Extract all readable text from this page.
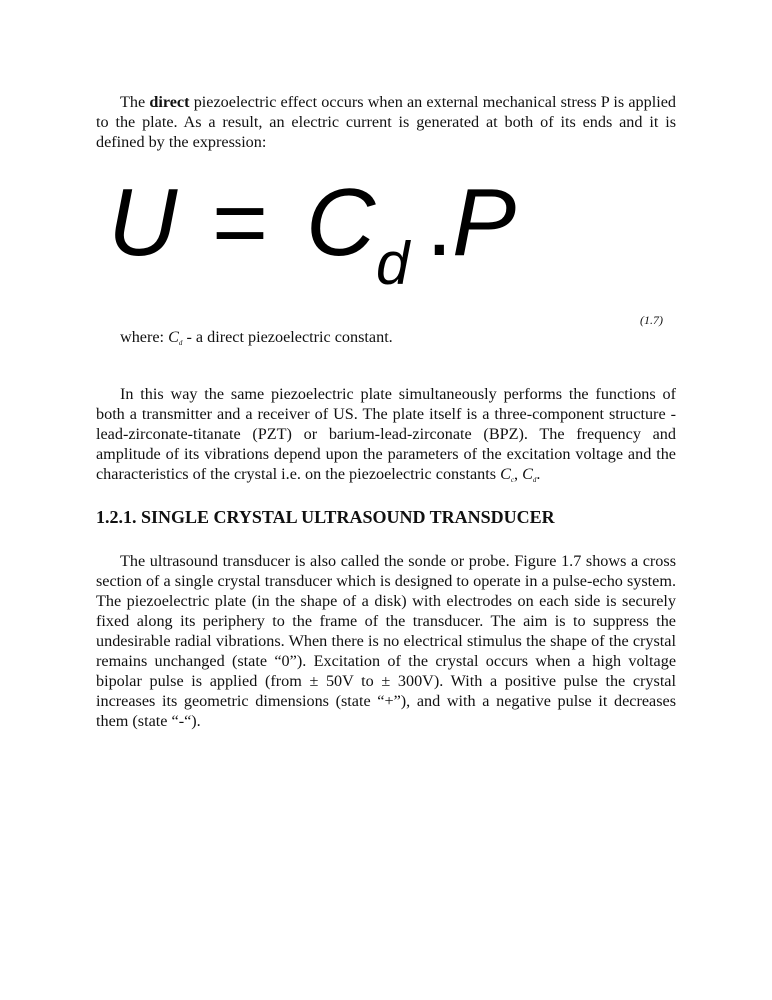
The direct piezoelectric effect occurs when an external mechanical stress P is applied to the plate. As a result, an electric current is generated at both of its ends and it is defined by the expression:

U = C d . P
(1.7)
where: Cd - a direct piezoelectric constant.

In this way the same piezoelectric plate simultaneously performs the functions of both a transmitter and a receiver of US. The plate itself is a three-component structure - lead-zirconate-titanate (PZT) or barium-lead-zirconate (BPZ). The frequency and amplitude of its vibrations depend upon the parameters of the excitation voltage and the characteristics of the crystal i.e. on the piezoelectric constants Cc, Cd.

1.2.1. SINGLE CRYSTAL ULTRASOUND TRANSDUCER

The ultrasound transducer is also called the sonde or probe. Figure 1.7 shows a cross section of a single crystal transducer which is designed to operate in a pulse-echo system. The piezoelectric plate (in the shape of a disk) with electrodes on each side is securely fixed along its periphery to the frame of the transducer. The aim is to suppress the undesirable radial vibrations. When there is no electrical stimulus the shape of the crystal remains unchanged (state “0”). Excitation of the crystal occurs when a high voltage bipolar pulse is applied (from ± 50V to ± 300V). With a positive pulse the crystal increases its geometric dimensions (state “+”), and with a negative pulse it decreases them (state “-“).
